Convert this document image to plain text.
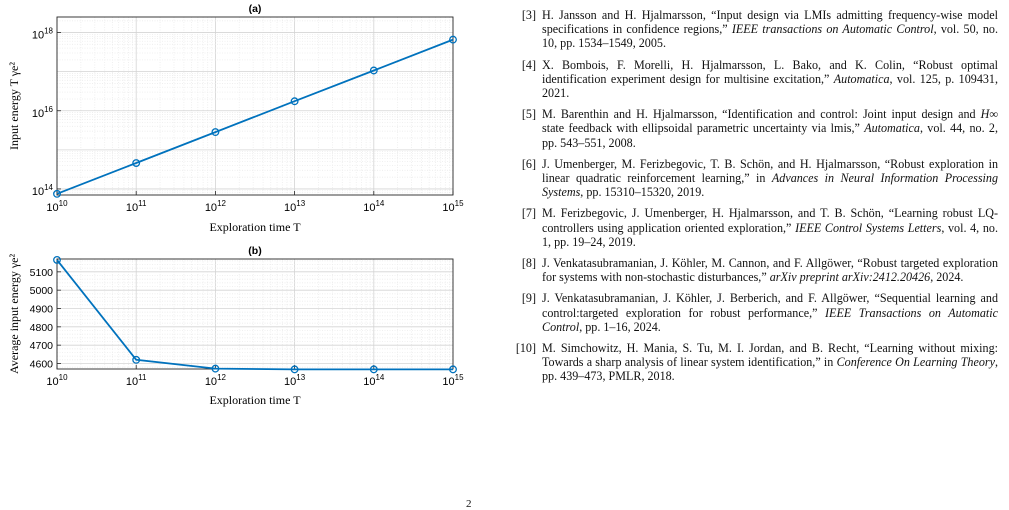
$10^{10}$	$10^{11}$	$10^{12}$	$10^{13}$	$10^{14}$	$10^{15}$
$10^{14}$
$10^{16}$
$10^{18}$
(a)
Exploration time T
Input energy T γe²
$10^{10}$	$10^{11}$	$10^{12}$	$10^{13}$	$10^{14}$	$10^{15}$
4600
4700
4800
4900
5000
5100
(b)
Exploration time T
Average input energy γe²
[3] H. Jansson and H. Hjalmarsson, “Input design via LMIs admitting frequency-wise model specifications in confidence regions,” IEEE transactions on Automatic Control, vol. 50, no. 10, pp. 1534–1549, 2005.
[4] X. Bombois, F. Morelli, H. Hjalmarsson, L. Bako, and K. Colin, “Robust optimal identification experiment design for multisine excitation,” Automatica, vol. 125, p. 109431, 2021.
[5] M. Barenthin and H. Hjalmarsson, “Identification and control: Joint input design and H∞ state feedback with ellipsoidal parametric uncertainty via lmis,” Automatica, vol. 44, no. 2, pp. 543–551, 2008.
[6] J. Umenberger, M. Ferizbegovic, T. B. Schön, and H. Hjalmarsson, “Robust exploration in linear quadratic reinforcement learning,” in Advances in Neural Information Processing Systems, pp. 15310–15320, 2019.
[7] M. Ferizbegovic, J. Umenberger, H. Hjalmarsson, and T. B. Schön, “Learning robust LQ-controllers using application oriented exploration,” IEEE Control Systems Letters, vol. 4, no. 1, pp. 19–24, 2019.
[8] J. Venkatasubramanian, J. Köhler, M. Cannon, and F. Allgöwer, “Robust targeted exploration for systems with non-stochastic disturbances,” arXiv preprint arXiv:2412.20426, 2024.
[9] J. Venkatasubramanian, J. Köhler, J. Berberich, and F. Allgöwer, “Sequential learning and control:targeted exploration for robust performance,” IEEE Transactions on Automatic Control, pp. 1–16, 2024.
[10] M. Simchowitz, H. Mania, S. Tu, M. I. Jordan, and B. Recht, “Learning without mixing: Towards a sharp analysis of linear system identification,” in Conference On Learning Theory, pp. 439–473, PMLR, 2018.
2
